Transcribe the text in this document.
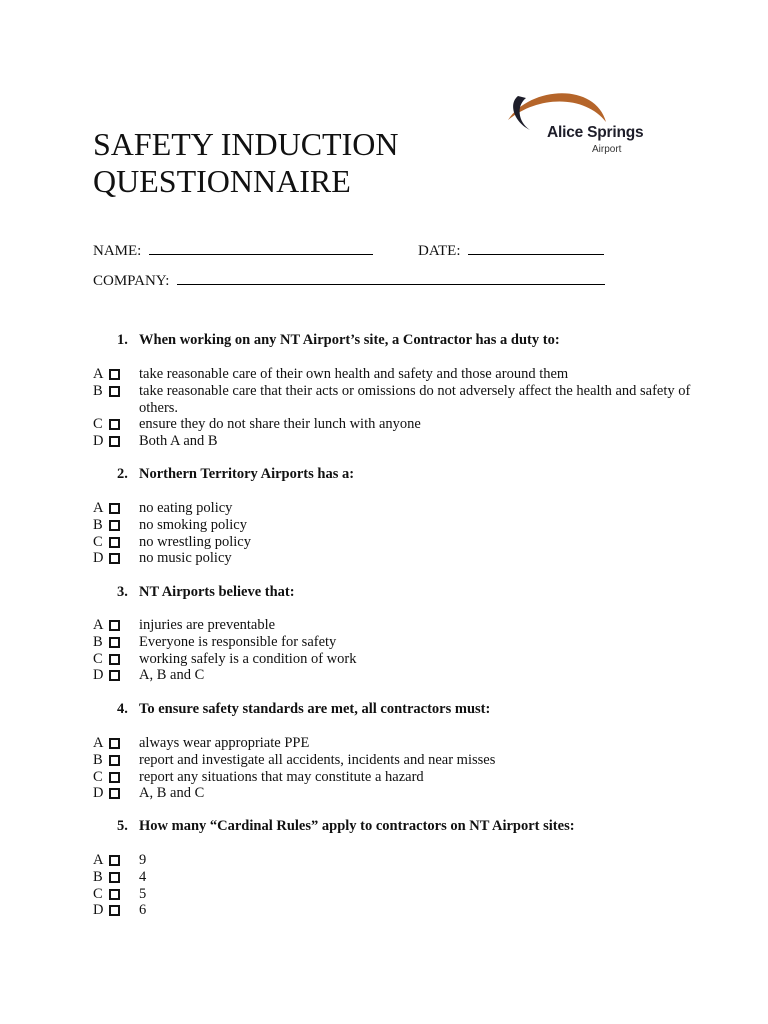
Alice Springs
Airport
SAFETY INDUCTION QUESTIONNAIRE
NAME:	DATE:
COMPANY:
1. When working on any NT Airport’s site, a Contractor has a duty to:
A take reasonable care of their own health and safety and those around them
B	take reasonable care that their acts or omissions do not adversely affect the health and safety of others.
C	ensure they do not share their lunch with anyone
D Both A and B
2. Northern Territory Airports has a:
A no eating policy
B	no smoking policy
C	no wrestling policy
D no music policy
3. NT Airports believe that:
A injuries are preventable
B	Everyone is responsible for safety
C	working safely is a condition of work
D A, B and C
4. To ensure safety standards are met, all contractors must:
A always wear appropriate PPE
B	report and investigate all accidents, incidents and near misses
C	report any situations that may constitute a hazard
D A, B and C
5. How many “Cardinal Rules” apply to contractors on NT Airport sites:
A 9
B	4
C	5
D 6
